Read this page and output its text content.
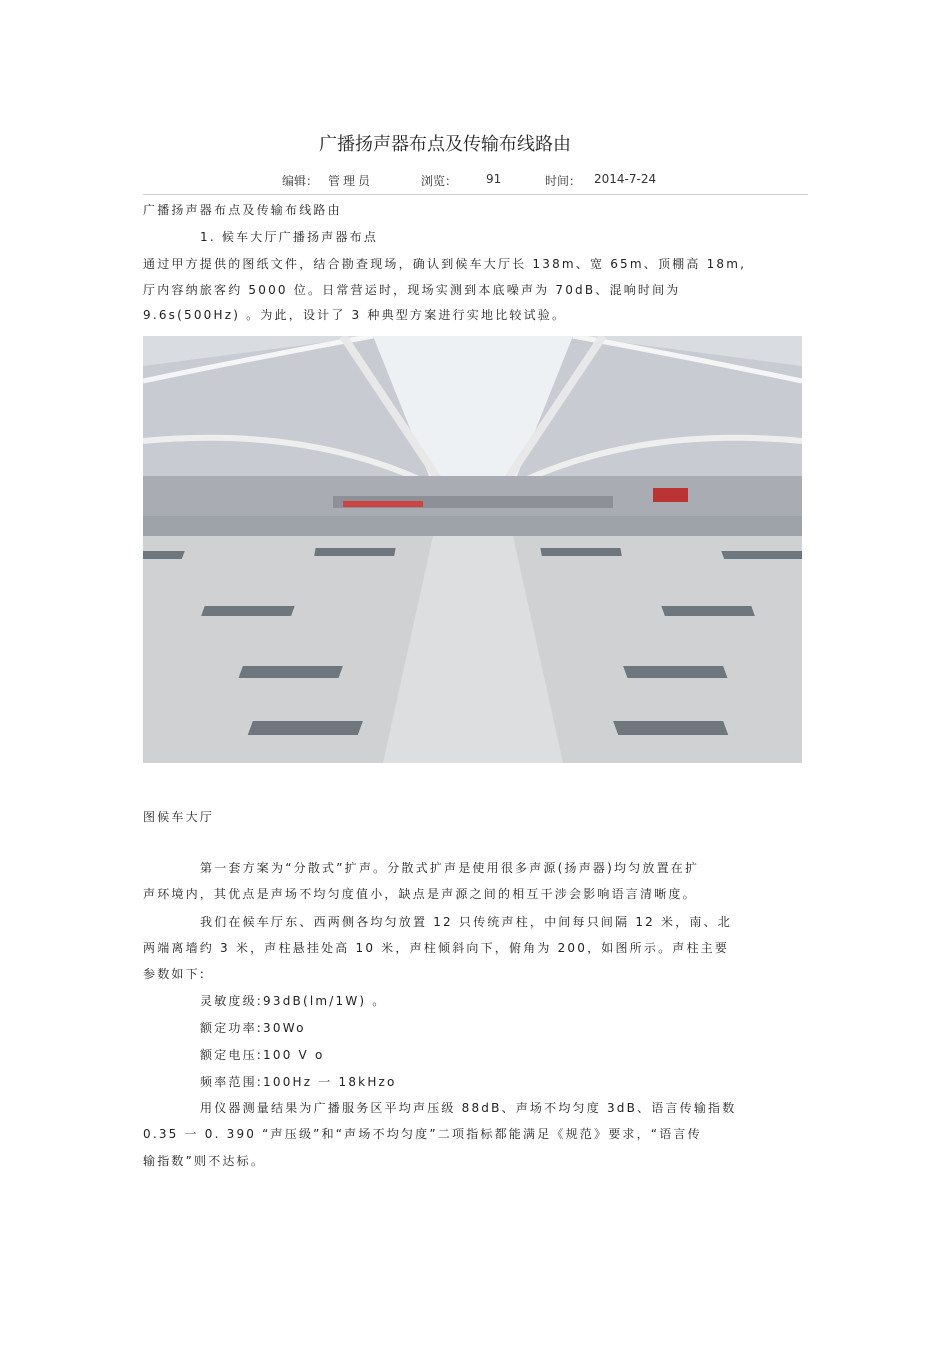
广播扬声器布点及传输布线路由
编辑： 管理员	浏览： 91	时间： 2014-7-24
广播扬声器布点及传输布线路由
1. 候车大厅广播扬声器布点
通过甲方提供的图纸文件，结合勘查现场，确认到候车大厅长 138m、宽 65m、顶棚高 18m,
厅内容纳旅客约 5000 位。日常营运时，现场实测到本底噪声为 70dB、混响时间为
9.6s(500Hz) 。为此，设计了 3 种典型方案进行实地比较试验。
图候车大厅
第一套方案为“分散式”扩声。分散式扩声是使用很多声源(扬声器)均匀放置在扩
声环境内，其优点是声场不均匀度值小，缺点是声源之间的相互干涉会影响语言清晰度。
我们在候车厅东、西两侧各均匀放置 12 只传统声柱，中间每只间隔 12 米，南、北
两端离墙约 3 米，声柱悬挂处高 10 米，声柱倾斜向下，俯角为 200，如图所示。声柱主要
参数如下:
灵敏度级:93dB(lm/1W) 。
额定功率:30Wo
额定电压:100 V o
频率范围:100Hz 一 18kHzo
用仪器测量结果为广播服务区平均声压级 88dB、声场不均匀度 3dB、语言传输指数
0.35 一 0. 390 “声压级”和“声场不均匀度”二项指标都能满足《规范》要求，“语言传
输指数”则不达标。
